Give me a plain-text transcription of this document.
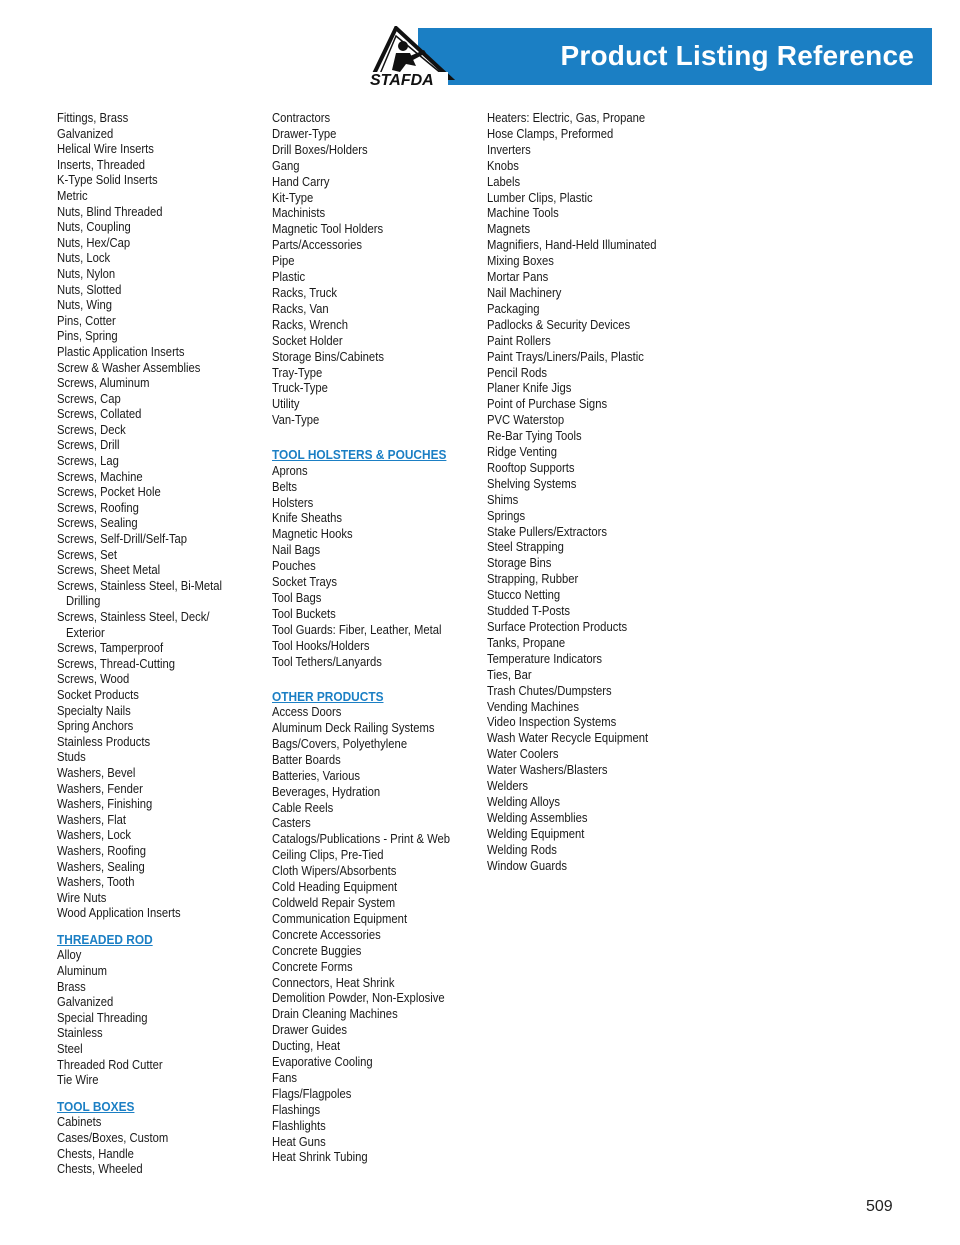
Product Listing Reference
STAFDA
Fittings, Brass
Galvanized
Helical Wire Inserts
Inserts, Threaded
K-Type Solid Inserts
Metric
Nuts, Blind Threaded
Nuts, Coupling
Nuts, Hex/Cap
Nuts, Lock
Nuts, Nylon
Nuts, Slotted
Nuts, Wing
Pins, Cotter
Pins, Spring
Plastic Application Inserts
Screw & Washer Assemblies
Screws, Aluminum
Screws, Cap
Screws, Collated
Screws, Deck
Screws, Drill
Screws, Lag
Screws, Machine
Screws, Pocket Hole
Screws, Roofing
Screws, Sealing
Screws, Self-Drill/Self-Tap
Screws, Set
Screws, Sheet Metal
Screws, Stainless Steel, Bi-Metal
Drilling
Screws, Stainless Steel, Deck/
Exterior
Screws, Tamperproof
Screws, Thread-Cutting
Screws, Wood
Socket Products
Specialty Nails
Spring Anchors
Stainless Products
Studs
Washers, Bevel
Washers, Fender
Washers, Finishing
Washers, Flat
Washers, Lock
Washers, Roofing
Washers, Sealing
Washers, Tooth
Wire Nuts
Wood Application Inserts
THREADED ROD
Alloy
Aluminum
Brass
Galvanized
Special Threading
Stainless
Steel
Threaded Rod Cutter
Tie Wire
TOOL BOXES
Cabinets
Cases/Boxes, Custom
Chests, Handle
Chests, Wheeled
Contractors
Drawer-Type
Drill Boxes/Holders
Gang
Hand Carry
Kit-Type
Machinists
Magnetic Tool Holders
Parts/Accessories
Pipe
Plastic
Racks, Truck
Racks, Van
Racks, Wrench
Socket Holder
Storage Bins/Cabinets
Tray-Type
Truck-Type
Utility
Van-Type
TOOL HOLSTERS & POUCHES
Aprons
Belts
Holsters
Knife Sheaths
Magnetic Hooks
Nail Bags
Pouches
Socket Trays
Tool Bags
Tool Buckets
Tool Guards: Fiber, Leather, Metal
Tool Hooks/Holders
Tool Tethers/Lanyards
OTHER PRODUCTS
Access Doors
Aluminum Deck Railing Systems
Bags/Covers, Polyethylene
Batter Boards
Batteries, Various
Beverages, Hydration
Cable Reels
Casters
Catalogs/Publications - Print & Web
Ceiling Clips, Pre-Tied
Cloth Wipers/Absorbents
Cold Heading Equipment
Coldweld Repair System
Communication Equipment
Concrete Accessories
Concrete Buggies
Concrete Forms
Connectors, Heat Shrink
Demolition Powder, Non-Explosive
Drain Cleaning Machines
Drawer Guides
Ducting, Heat
Evaporative Cooling
Fans
Flags/Flagpoles
Flashings
Flashlights
Heat Guns
Heat Shrink Tubing
Heaters: Electric, Gas, Propane
Hose Clamps, Preformed
Inverters
Knobs
Labels
Lumber Clips, Plastic
Machine Tools
Magnets
Magnifiers, Hand-Held Illuminated
Mixing Boxes
Mortar Pans
Nail Machinery
Packaging
Padlocks & Security Devices
Paint Rollers
Paint Trays/Liners/Pails, Plastic
Pencil Rods
Planer Knife Jigs
Point of Purchase Signs
PVC Waterstop
Re-Bar Tying Tools
Ridge Venting
Rooftop Supports
Shelving Systems
Shims
Springs
Stake Pullers/Extractors
Steel Strapping
Storage Bins
Strapping, Rubber
Stucco Netting
Studded T-Posts
Surface Protection Products
Tanks, Propane
Temperature Indicators
Ties, Bar
Trash Chutes/Dumpsters
Vending Machines
Video Inspection Systems
Wash Water Recycle Equipment
Water Coolers
Water Washers/Blasters
Welders
Welding Alloys
Welding Assemblies
Welding Equipment
Welding Rods
Window Guards
509
